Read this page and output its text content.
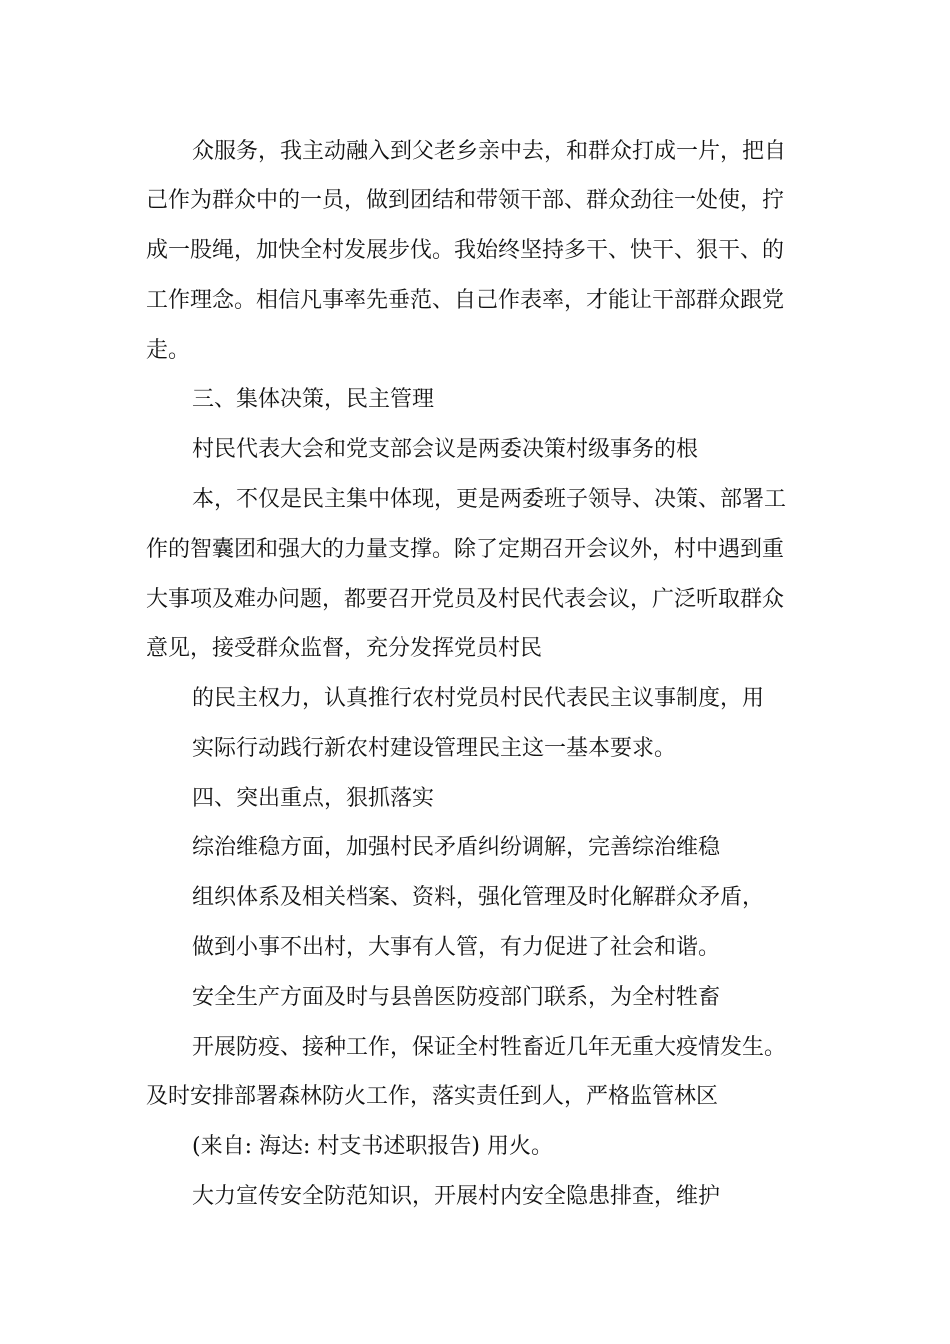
众服务，我主动融入到父老乡亲中去，和群众打成一片，把自
己作为群众中的一员，做到团结和带领干部、群众劲往一处使，拧
成一股绳，加快全村发展步伐。我始终坚持多干、快干、狠干、的
工作理念。相信凡事率先垂范、自己作表率，才能让干部群众跟党
走。
三、集体决策，民主管理
村民代表大会和党支部会议是两委决策村级事务的根
本，不仅是民主集中体现，更是两委班子领导、决策、部署工
作的智囊团和强大的力量支撑。除了定期召开会议外，村中遇到重
大事项及难办问题，都要召开党员及村民代表会议，广泛听取群众
意见，接受群众监督，充分发挥党员村民
的民主权力，认真推行农村党员村民代表民主议事制度，用
实际行动践行新农村建设管理民主这一基本要求。
四、突出重点，狠抓落实
综治维稳方面，加强村民矛盾纠纷调解，完善综治维稳
组织体系及相关档案、资料，强化管理及时化解群众矛盾，
做到小事不出村，大事有人管，有力促进了社会和谐。
安全生产方面及时与县兽医防疫部门联系，为全村牲畜
开展防疫、接种工作，保证全村牲畜近几年无重大疫情发生。
及时安排部署森林防火工作，落实责任到人，严格监管林区
(来自: 海达: 村支书述职报告) 用火。
大力宣传安全防范知识，开展村内安全隐患排查，维护
